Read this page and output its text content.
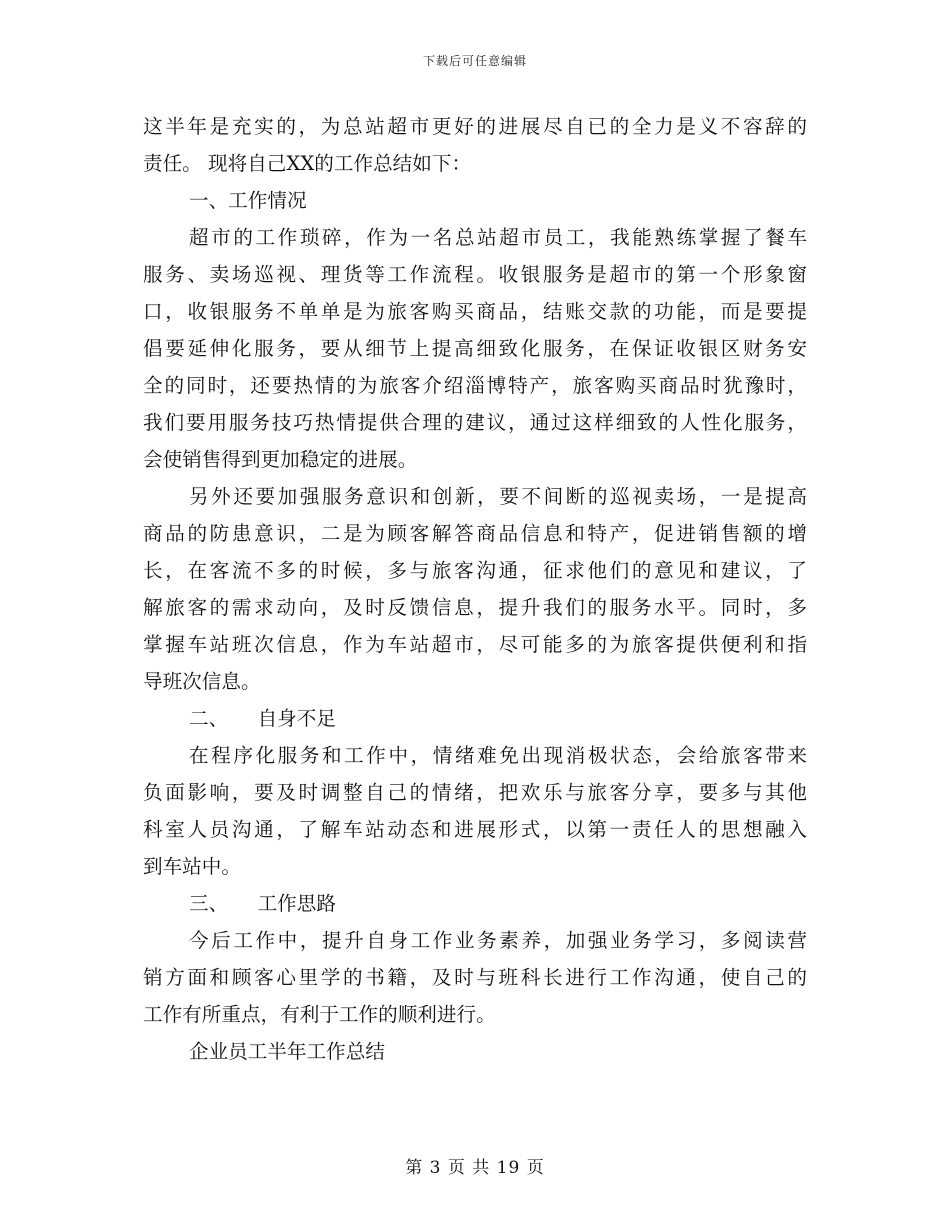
下载后可任意编辑
这半年是充实的，为总站超市更好的进展尽自已的全力是义不容辞的
责任。 现将自己XX的工作总结如下：
一、工作情况
超市的工作琐碎，作为一名总站超市员工，我能熟练掌握了餐车
服务、卖场巡视、理货等工作流程。收银服务是超市的第一个形象窗
口，收银服务不单单是为旅客购买商品，结账交款的功能，而是要提
倡要延伸化服务，要从细节上提高细致化服务，在保证收银区财务安
全的同时，还要热情的为旅客介绍淄博特产，旅客购买商品时犹豫时，
我们要用服务技巧热情提供合理的建议，通过这样细致的人性化服务，
会使销售得到更加稳定的进展。
另外还要加强服务意识和创新，要不间断的巡视卖场，一是提高
商品的防患意识，二是为顾客解答商品信息和特产，促进销售额的增
长，在客流不多的时候，多与旅客沟通，征求他们的意见和建议，了
解旅客的需求动向，及时反馈信息，提升我们的服务水平。同时，多
掌握车站班次信息，作为车站超市，尽可能多的为旅客提供便利和指
导班次信息。
二、　　自身不足
在程序化服务和工作中，情绪难免出现消极状态，会给旅客带来
负面影响，要及时调整自己的情绪，把欢乐与旅客分享，要多与其他
科室人员沟通，了解车站动态和进展形式，以第一责任人的思想融入
到车站中。
三、　　工作思路
今后工作中，提升自身工作业务素养，加强业务学习，多阅读营
销方面和顾客心里学的书籍，及时与班科长进行工作沟通，使自己的
工作有所重点，有利于工作的顺利进行。
企业员工半年工作总结
第 3 页 共 19 页
